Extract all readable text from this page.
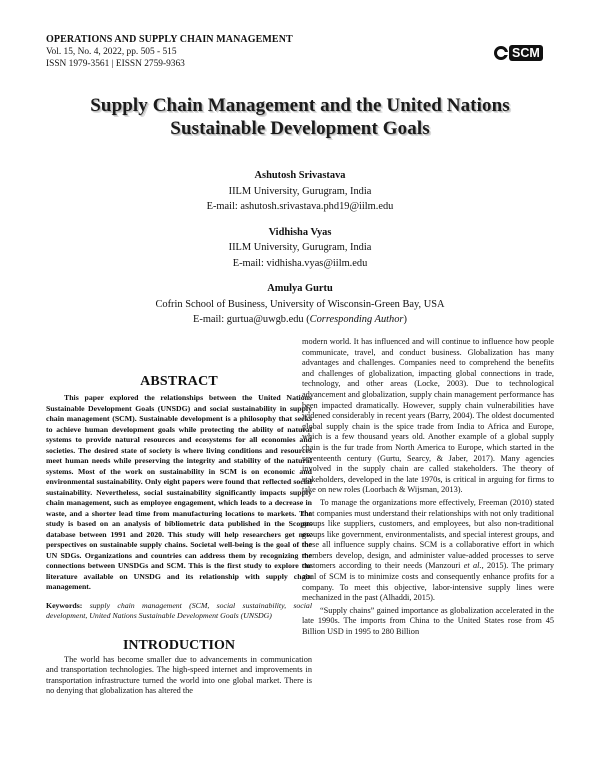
OPERATIONS AND SUPPLY CHAIN MANAGEMENT
Vol. 15, No. 4, 2022, pp. 505 - 515
ISSN 1979-3561 | EISSN 2759-9363
SCM
Supply Chain Management and the United Nations
Sustainable Development Goals
Ashutosh Srivastava
IILM University, Gurugram, India
E-mail: ashutosh.srivastava.phd19@iilm.edu
Vidhisha Vyas
IILM University, Gurugram, India
E-mail: vidhisha.vyas@iilm.edu
Amulya Gurtu
Cofrin School of Business, University of Wisconsin-Green Bay, USA
E-mail: gurtua@uwgb.edu (Corresponding Author)
ABSTRACT

This paper explored the relationships between the United Nations Sustainable Development Goals (UNSDG) and social sustainability in supply chain management (SCM). Sustainable development is a philosophy that seeks to achieve human development goals while protecting the ability of natural systems to provide natural resources and ecosystems for all economies and societies. The desired state of society is where living conditions and resources meet human needs while preserving the integrity and stability of the natural systems. Most of the work on sustainability in SCM is on economic and environmental sustainability. Only eight papers were found that reflected social sustainability. Nevertheless, social sustainability significantly impacts supply chain management, such as employee engagement, which leads to a decrease in waste, and a shorter lead time from manufacturing locations to markets. The study is based on an analysis of bibliometric data published in the Scopus database between 1991 and 2020. This study will help researchers get new perspectives on sustainable supply chains. Societal well-being is the goal of the UN SDGs. Organizations and countries can address them by recognizing the connections between UNSDGs and SCM. This is the first study to explore the literature available on UNSDG and its relationship with supply chain management.

Keywords: supply chain management (SCM, social sustainability, social development, United Nations Sustainable Development Goals (UNSDG)
INTRODUCTION

The world has become smaller due to advancements in communication and transportation technologies. The high-speed internet and improvements in transportation infrastructure turned the world into one global market. There is no denying that globalization has altered the

modern world. It has influenced and will continue to influence how people communicate, travel, and conduct business. Globalization has many advantages and challenges. Companies need to comprehend the benefits and challenges of globalization, impacting global connections in trade, technology, and other areas (Locke, 2003). Due to technological advancement and globalization, supply chain management performance has been impacted dramatically. However, supply chain vulnerabilities have widened considerably in recent years (Barry, 2004). The oldest documented global supply chain is the spice trade from India to Africa and Europe, which is a few thousand years old. Another example of a global supply chain is the fur trade from North America to Europe, which started in the seventeenth century (Gurtu, Searcy, & Jaber, 2017). Many agencies involved in the supply chain are called stakeholders. The theory of stakeholders, developed in the late 1970s, is critical in arguing for firms to take on new roles (Loorbach & Wijsman, 2013).

To manage the organizations more effectively, Freeman (2010) stated that companies must understand their relationships with not only traditional groups like suppliers, customers, and employees, but also non-traditional groups like government, environmentalists, and special interest groups, and these all influence supply chains. SCM is a collaborative effort in which members develop, design, and administer value-added processes to serve customers according to their needs (Manzouri et al., 2015). The primary goal of SCM is to minimize costs and consequently enhance profits for a company. To meet this objective, labor-intensive supply lines were mechanized in the past (Alhaddi, 2015).

“Supply chains” gained importance as globalization accelerated in the late 1990s. The imports from China to the United States rose from 45 Billion USD in 1995 to 280 Billion
